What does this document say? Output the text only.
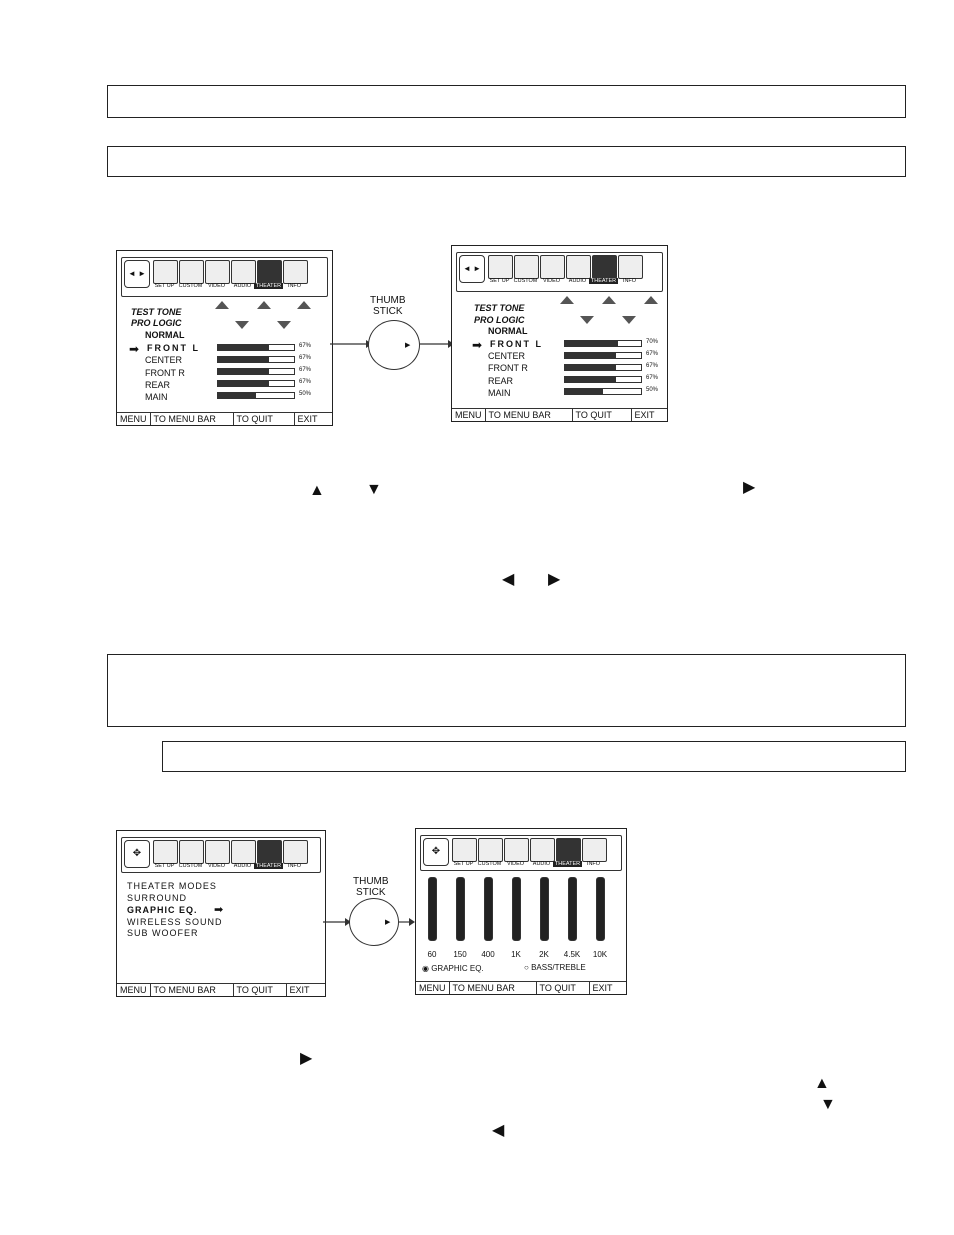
◄ ►
SET UP CUSTOM	VIDEO	AUDIO THEATER	INFO
TEST TONE
PRO LOGIC
NORMAL
➡ FRONT L
CENTER
FRONT R
REAR
MAIN
MENU TO MENU BAR	TO QUIT	EXIT
67%
67%
67%
67%
50%
▶
THUMB
STICK
◄ ►
SET UP CUSTOM	VIDEO	AUDIO THEATER	INFO
TEST TONE
PRO LOGIC
NORMAL
➡ FRONT L
CENTER
FRONT R
REAR
MAIN
MENU TO MENU BAR	TO QUIT	EXIT
70%
67%
67%
67%
50%
▲	▼	▶
◀ ▶
✥
SET UP CUSTOM	VIDEO	AUDIO THEATER	INFO
THEATER MODES
SURROUND
GRAPHIC EQ. ➡
WIRELESS SOUND
SUB WOOFER
MENU TO MENU BAR	TO QUIT	EXIT
▶
THUMB
STICK
✥
SET UP CUSTOM	VIDEO	AUDIO THEATER	INFO
60	150	400	1K	2K	4.5K	10K
◉ GRAPHIC EQ.	○ BASS/TREBLE
MENU TO MENU BAR	TO QUIT	EXIT
▶
▲
▼
◀
